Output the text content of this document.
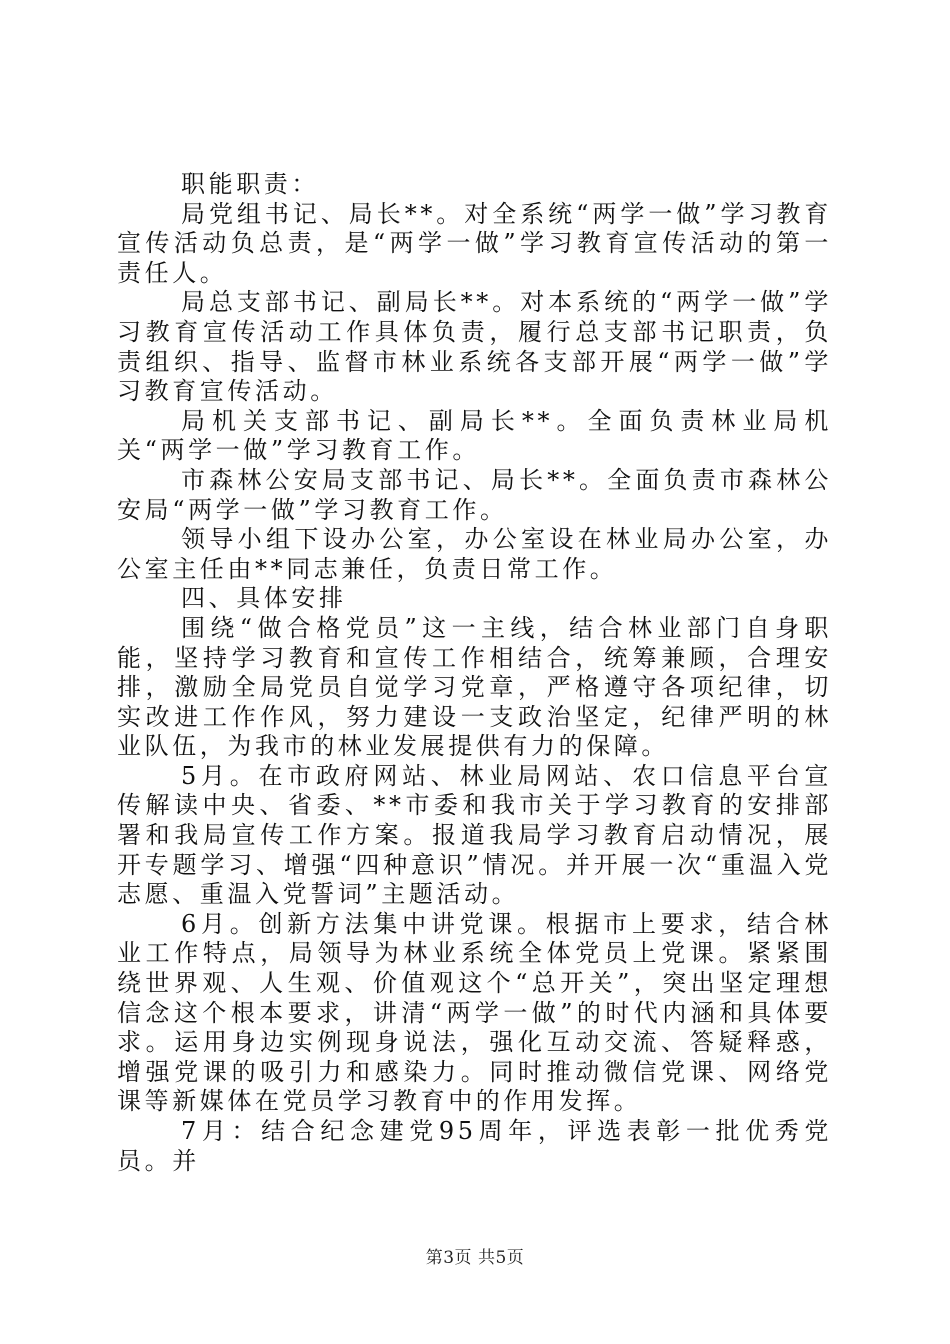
职能职责：

局党组书记、局长**。对全系统“两学一做”学习教育宣传活动负总责，是“两学一做”学习教育宣传活动的第一责任人。

局总支部书记、副局长**。对本系统的“两学一做”学习教育宣传活动工作具体负责，履行总支部书记职责，负责组织、指导、监督市林业系统各支部开展“两学一做”学习教育宣传活动。

局机关支部书记、副局长**。全面负责林业局机关“两学一做”学习教育工作。

市森林公安局支部书记、局长**。全面负责市森林公安局“两学一做”学习教育工作。

领导小组下设办公室，办公室设在林业局办公室，办公室主任由**同志兼任，负责日常工作。

四、具体安排

围绕“做合格党员”这一主线，结合林业部门自身职能，坚持学习教育和宣传工作相结合，统筹兼顾，合理安排，激励全局党员自觉学习党章，严格遵守各项纪律，切实改进工作作风，努力建设一支政治坚定，纪律严明的林业队伍，为我市的林业发展提供有力的保障。

5月。在市政府网站、林业局网站、农口信息平台宣传解读中央、省委、**市委和我市关于学习教育的安排部署和我局宣传工作方案。报道我局学习教育启动情况，展开专题学习、增强“四种意识”情况。并开展一次“重温入党志愿、重温入党誓词”主题活动。

6月。创新方法集中讲党课。根据市上要求，结合林业工作特点，局领导为林业系统全体党员上党课。紧紧围绕世界观、人生观、价值观这个“总开关”，突出坚定理想信念这个根本要求，讲清“两学一做”的时代内涵和具体要求。运用身边实例现身说法，强化互动交流、答疑释惑，增强党课的吸引力和感染力。同时推动微信党课、网络党课等新媒体在党员学习教育中的作用发挥。

7月：结合纪念建党95周年，评选表彰一批优秀党员。并

第3页 共5页
